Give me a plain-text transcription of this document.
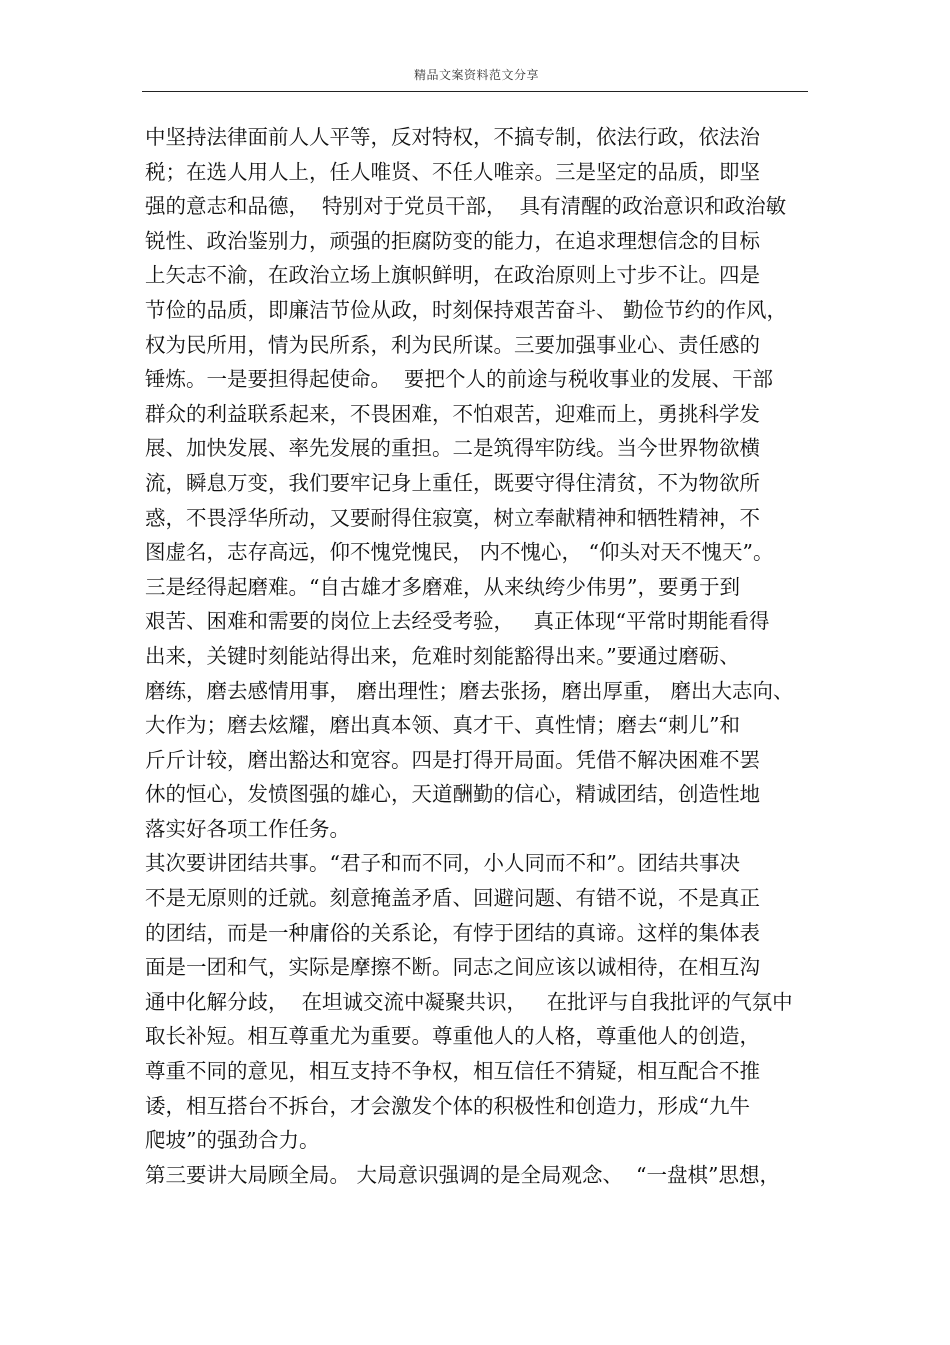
精品文案资料范文分享
中坚持法律面前人人平等，反对特权，不搞专制，依法行政，依法治
税；在选人用人上，任人唯贤、不任人唯亲。三是坚定的品质，即坚
强的意志和品德，  特别对于党员干部，  具有清醒的政治意识和政治敏
锐性、政治鉴别力，顽强的拒腐防变的能力，在追求理想信念的目标
上矢志不渝，在政治立场上旗帜鲜明，在政治原则上寸步不让。四是
节俭的品质，即廉洁节俭从政，时刻保持艰苦奋斗、 勤俭节约的作风，
权为民所用，情为民所系，利为民所谋。三要加强事业心、责任感的
锤炼。一是要担得起使命。  要把个人的前途与税收事业的发展、干部
群众的利益联系起来，不畏困难，不怕艰苦，迎难而上，勇挑科学发
展、加快发展、率先发展的重担。二是筑得牢防线。当今世界物欲横
流，瞬息万变，我们要牢记身上重任，既要守得住清贫，不为物欲所
惑，不畏浮华所动，又要耐得住寂寞，树立奉献精神和牺牲精神，不
图虚名，志存高远，仰不愧党愧民， 内不愧心， “仰头对天不愧天”。
三是经得起磨难。“自古雄才多磨难，从来纨绔少伟男”，要勇于到
艰苦、困难和需要的岗位上去经受考验，   真正体现“平常时期能看得
出来，关键时刻能站得出来，危难时刻能豁得出来。”要通过磨砺、
磨练，磨去感情用事， 磨出理性；磨去张扬，磨出厚重， 磨出大志向、
大作为；磨去炫耀，磨出真本领、真才干、真性情；磨去“刺儿”和
斤斤计较，磨出豁达和宽容。四是打得开局面。凭借不解决困难不罢
休的恒心，发愤图强的雄心，天道酬勤的信心，精诚团结，创造性地
落实好各项工作任务。
其次要讲团结共事。“君子和而不同，小人同而不和”。团结共事决
不是无原则的迁就。刻意掩盖矛盾、回避问题、有错不说，不是真正
的团结，而是一种庸俗的关系论，有悖于团结的真谛。这样的集体表
面是一团和气，实际是摩擦不断。同志之间应该以诚相待，在相互沟
通中化解分歧，  在坦诚交流中凝聚共识，   在批评与自我批评的气氛中
取长补短。相互尊重尤为重要。尊重他人的人格，尊重他人的创造，
尊重不同的意见，相互支持不争权，相互信任不猜疑，相互配合不推
诿，相互搭台不拆台，才会激发个体的积极性和创造力，形成“九牛
爬坡”的强劲合力。
第三要讲大局顾全局。 大局意识强调的是全局观念、  “一盘棋”思想，
